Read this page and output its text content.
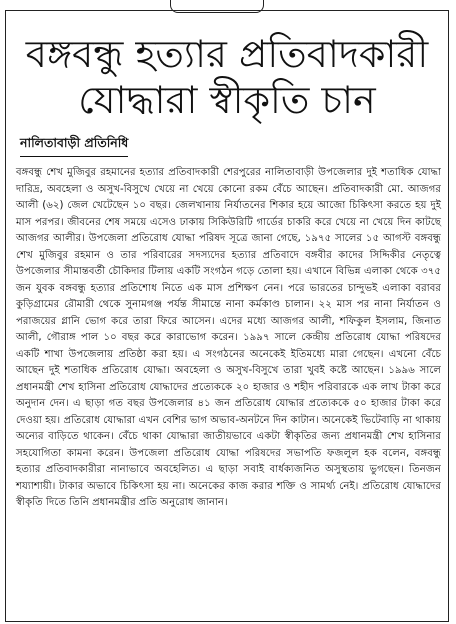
বঙ্গবন্ধু হত্যার প্রতিবাদকারী
যোদ্ধারা স্বীকৃতি চান
নালিতাবাড়ী প্রতিনিধি

বঙ্গবন্ধু শেখ মুজিবুর রহমানের হত্যার প্রতিবাদকারী শেরপুরের নালিতাবাড়ী উপজেলার দুই শতাধিক যোদ্ধা দারিদ্র, অবহেলা ও অসুখ-বিসুখে খেয়ে না খেয়ে কোনো রকম বেঁচে আছেন। প্রতিবাদকারী মো. আজগর আলী (৬২) জেল খেটেছেন ১০ বছর। জেলখানায় নির্যাতনের শিকার হয়ে আজো চিকিৎসা করতে হয় দুই মাস পরপর। জীবনের শেষ সময়ে এসেও ঢাকায় সিকিউরিটি গার্ডের চাকরি করে খেয়ে না খেয়ে দিন কাটছে আজগর আলীর। উপজেলা প্রতিরোধ যোদ্ধা পরিষদ সূত্রে জানা গেছে, ১৯৭৫ সালের ১৫ আগস্ট বঙ্গবন্ধু শেখ মুজিবুর রহমান ও তার পরিবারের সদস্যদের হত্যার প্রতিবাদে বঙ্গবীর কাদের সিদ্দিকীর নেতৃত্বে উপজেলার সীমান্তবর্তী চৌকিদার টিলায় একটি সংগঠন গড়ে তোলা হয়। এখানে বিভিন্ন এলাকা থেকে ৩৭৫ জন যুবক বঙ্গবন্ধু হত্যার প্রতিশোধ নিতে এক মাস প্রশিক্ষণ নেন। পরে ভারতের চান্দুভই এলাকা বরাবর কুড়িগ্রামের রৌমারী থেকে সুনামগঞ্জ পর্যন্ত সীমান্তে নানা কর্মকাণ্ড চালান। ২২ মাস পর নানা নির্যাতন ও পরাজয়ের গ্লানি ভোগ করে তারা ফিরে আসেন। এদের মধ্যে আজগর আলী, শফিকুল ইসলাম, জিনাত আলী, গৌরাঙ্গ পাল ১০ বছর করে কারাভোগ করেন। ১৯৯৭ সালে কেন্দ্রীয় প্রতিরোধ যোদ্ধা পরিষদের একটি শাখা উপজেলায় প্রতিষ্ঠা করা হয়। এ সংগঠনের অনেকেই ইতিমধ্যে মারা গেছেন। এখনো বেঁচে আছেন দুই শতাধিক প্রতিরোধ যোদ্ধা। অবহেলা ও অসুখ-বিসুখে তারা খুবই কষ্টে আছেন। ১৯৯৬ সালে প্রধানমন্ত্রী শেখ হাসিনা প্রতিরোধ যোদ্ধাদের প্রত্যেককে ২০ হাজার ও শহীদ পরিবারকে এক লাখ টাকা করে অনুদান দেন। এ ছাড়া গত বছর উপজেলার ৪১ জন প্রতিরোধ যোদ্ধার প্রত্যেককে ৫০ হাজার টাকা করে দেওয়া হয়। প্রতিরোধ যোদ্ধারা এখন বেশির ভাগ অভাব-অনটনে দিন কাটান। অনেকেই ভিটেবাড়ি না থাকায় অন্যের বাড়িতে থাকেন। বেঁচে থাকা যোদ্ধারা জাতীয়ভাবে একটা স্বীকৃতির জন্য প্রধানমন্ত্রী শেখ হাসিনার সহযোগিতা কামনা করেন। উপজেলা প্রতিরোধ যোদ্ধা পরিষদের সভাপতি ফজলুল হক বলেন, বঙ্গবন্ধু হত্যার প্রতিবাদকারীরা নানাভাবে অবহেলিত। এ ছাড়া সবাই বার্ধক্যজনিত অসুস্থতায় ভুগছেন। তিনজন শয্যাশায়ী। টাকার অভাবে চিকিৎসা হয় না। অনেকের কাজ করার শক্তি ও সামর্থ্য নেই। প্রতিরোধ যোদ্ধাদের স্বীকৃতি দিতে তিনি প্রধানমন্ত্রীর প্রতি অনুরোধ জানান।
